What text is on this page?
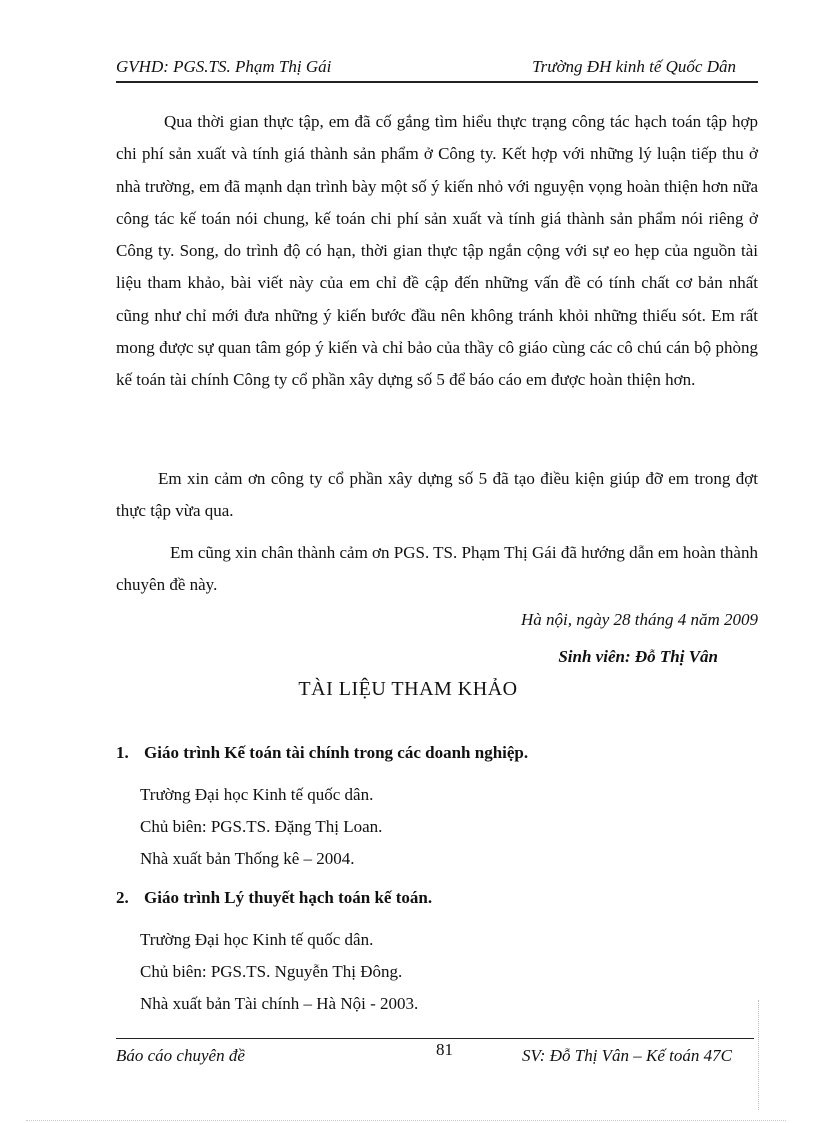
GVHD: PGS.TS. Phạm Thị Gái	Trường ĐH kinh tế Quốc Dân

Qua thời gian thực tập, em đã cố gắng tìm hiểu thực trạng công tác hạch toán tập hợp chi phí sản xuất và tính giá thành sản phẩm ở Công ty. Kết hợp với những lý luận tiếp thu ở nhà trường, em đã mạnh dạn trình bày một số ý kiến nhỏ với nguyện vọng hoàn thiện hơn nữa công tác kế toán nói chung, kế toán chi phí sản xuất và tính giá thành sản phẩm nói riêng ở Công ty. Song, do trình độ có hạn, thời gian thực tập ngắn cộng với sự eo hẹp của nguồn tài liệu tham khảo, bài viết này của em chỉ đề cập đến những vấn đề có tính chất cơ bản nhất cũng như chỉ mới đưa những ý kiến bước đầu nên không tránh khỏi những thiếu sót. Em rất mong được sự quan tâm góp ý kiến và chỉ bảo của thầy cô giáo cùng các cô chú cán bộ phòng kế toán tài chính Công ty cổ phần xây dựng số 5 để báo cáo em được hoàn thiện hơn.

Em xin cảm ơn công ty cổ phần xây dựng số 5 đã tạo điều kiện giúp đỡ em trong đợt thực tập vừa qua.

Em cũng xin chân thành cảm ơn PGS. TS. Phạm Thị Gái đã hướng dẫn em hoàn thành chuyên đề này.

Hà nội, ngày 28 tháng 4 năm 2009
Sinh viên: Đỗ Thị Vân
TÀI LIỆU THAM KHẢO
1. Giáo trình Kế toán tài chính trong các doanh nghiệp.
Trường Đại học Kinh tế quốc dân.
Chủ biên: PGS.TS. Đặng Thị Loan.
Nhà xuất bản Thống kê – 2004.
2. Giáo trình Lý thuyết hạch toán kế toán.
Trường Đại học Kinh tế quốc dân.
Chủ biên: PGS.TS. Nguyễn Thị Đông.
Nhà xuất bản Tài chính – Hà Nội - 2003.
Báo cáo chuyên đề	81	SV: Đỗ Thị Vân – Kế toán 47C
